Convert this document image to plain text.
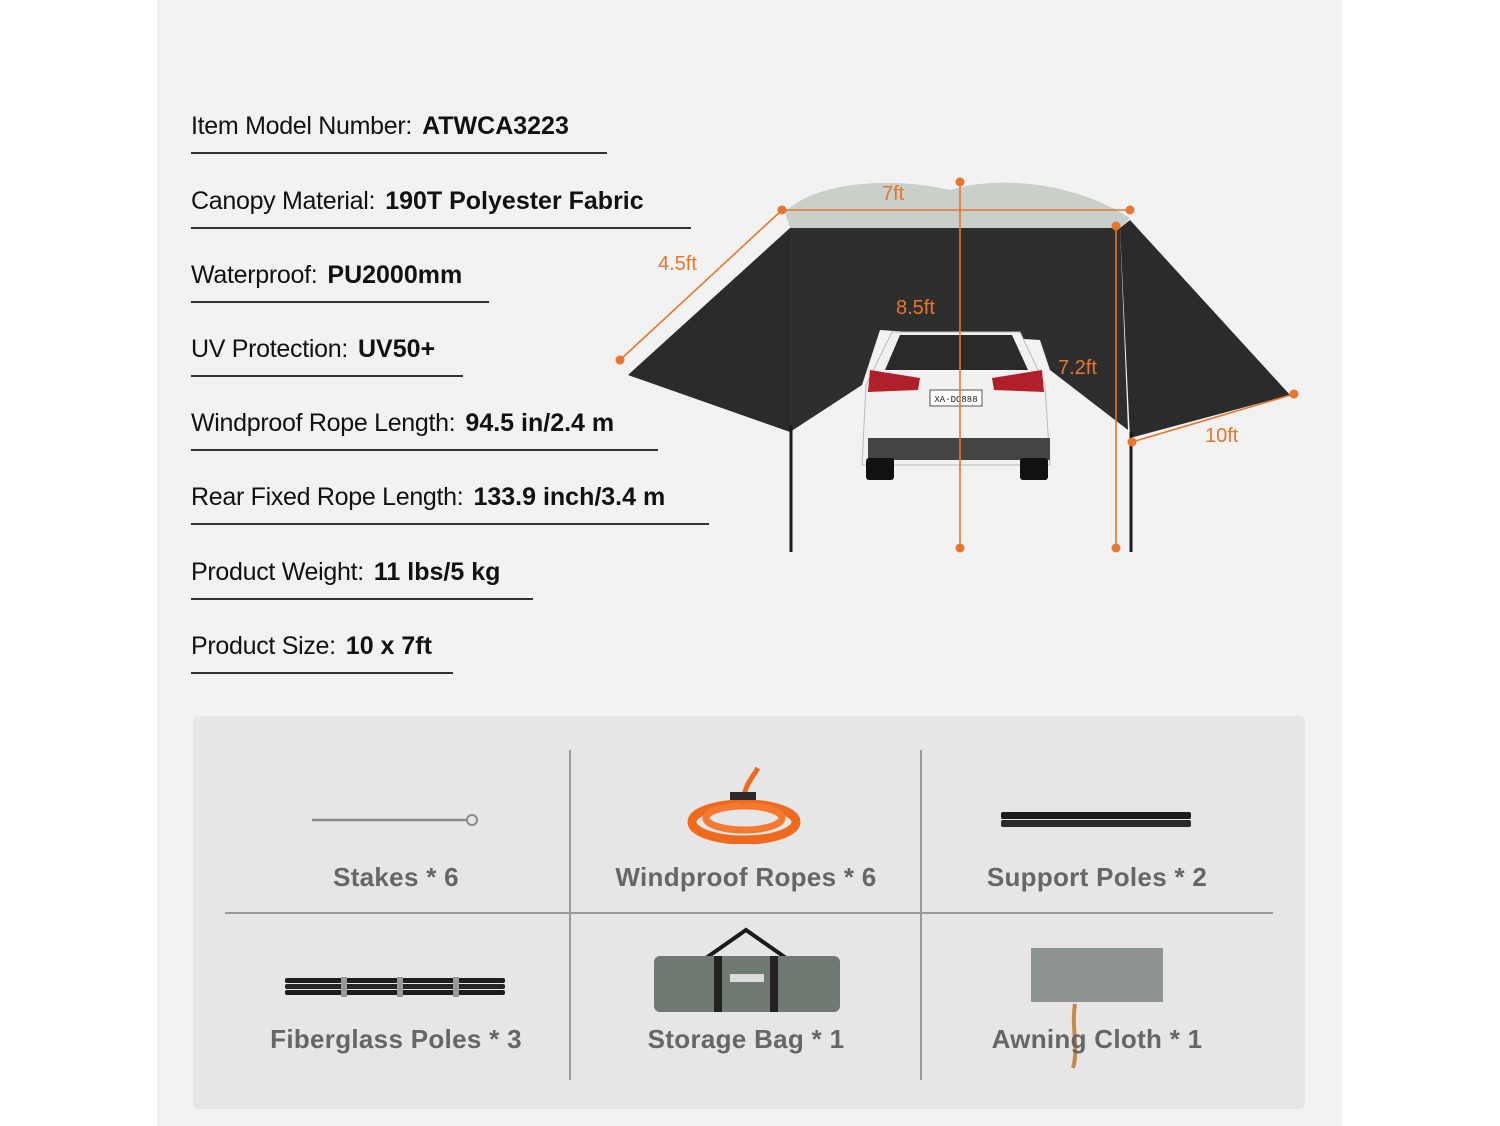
Item Model Number: ATWCA3223
Canopy Material: 190T Polyester Fabric
Waterproof: PU2000mm
UV Protection: UV50+
Windproof Rope Length: 94.5 in/2.4 m
Rear Fixed Rope Length: 133.9 inch/3.4 m
Product Weight: 11 lbs/5 kg
Product Size: 10 x 7ft
XA·DC888
7ft
4.5ft
8.5ft
7.2ft
10ft
Stakes * 6	Windproof Ropes * 6	Support Poles * 2
Fiberglass Poles * 3	Storage Bag * 1	Awning Cloth * 1
